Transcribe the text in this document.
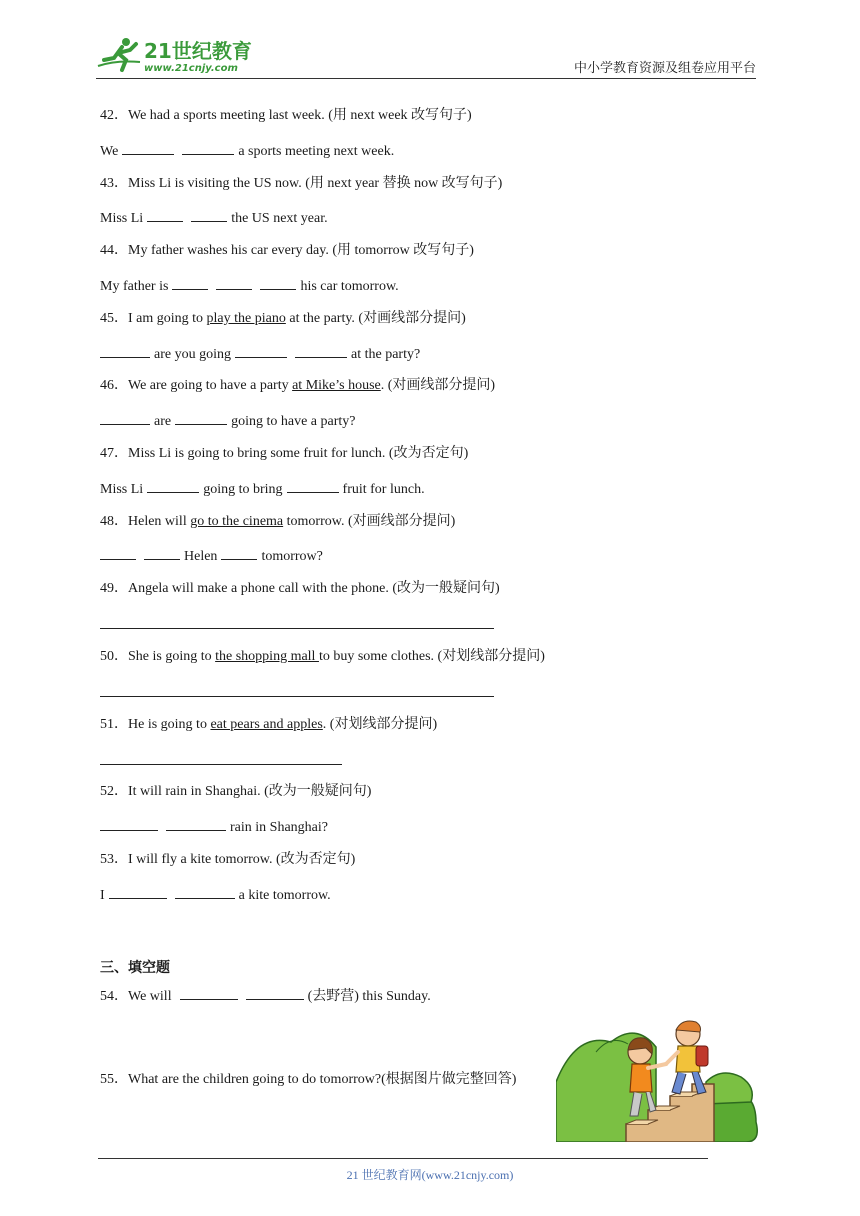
21世纪教育
www.21cnjy.com	中小学教育资源及组卷应用平台
42．We had a sports meeting last week. (用 next week 改写句子)
We	a sports meeting next week.
43．Miss Li is visiting the US now. (用 next year 替换 now 改写句子)
Miss Li	the US next year.
44．My father washes his car every day. (用 tomorrow 改写句子)
My father is	his car tomorrow.
45．I am going to play the piano at the party. (对画线部分提问)
are you going	at the party?
46．We are going to have a party at Mike’s house. (对画线部分提问)
are	going to have a party?
47．Miss Li is going to bring some fruit for lunch. (改为否定句)
Miss Li	going to bring	fruit for lunch.
48．Helen will go to the cinema tomorrow. (对画线部分提问)
Helen	tomorrow?
49．Angela will make a phone call with the phone. (改为一般疑问句)
50．She is going to the shopping mall to buy some clothes. (对划线部分提问)
51．He is going to eat pears and apples. (对划线部分提问)
52．It will rain in Shanghai. (改为一般疑问句)
rain in Shanghai?
53．I will fly a kite tomorrow. (改为否定句)
I	a kite tomorrow.
三、填空题
54．We will	(去野营) this Sunday.
55．What are the children going to do tomorrow?(根据图片做完整回答)
21 世纪教育网(www.21cnjy.com)
